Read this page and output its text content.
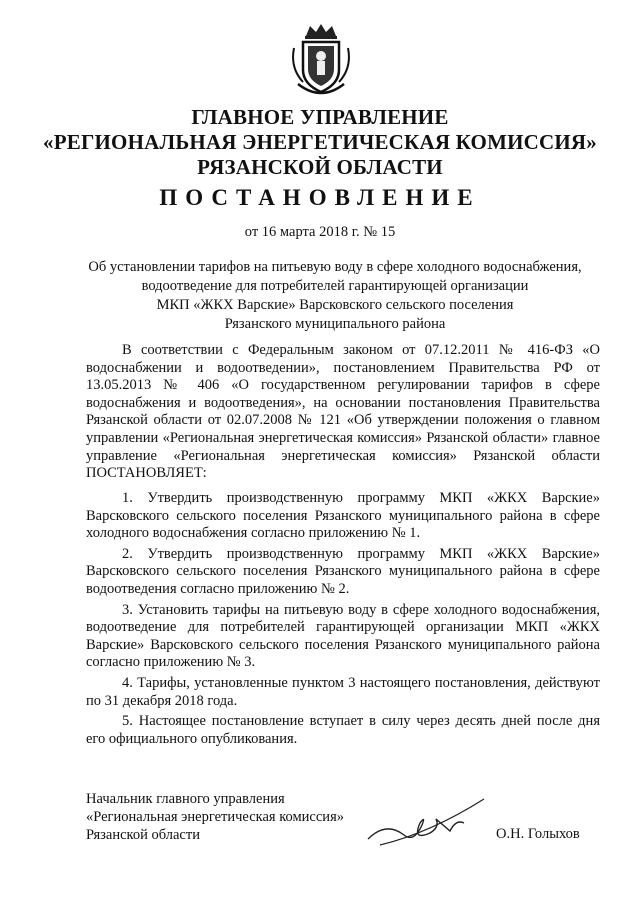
ГЛАВНОЕ УПРАВЛЕНИЕ
«РЕГИОНАЛЬНАЯ ЭНЕРГЕТИЧЕСКАЯ КОМИССИЯ»
РЯЗАНСКОЙ ОБЛАСТИ
ПОСТАНОВЛЕНИЕ
от 16 марта 2018 г. № 15
Об установлении тарифов на питьевую воду в сфере холодного водоснабжения,
водоотведение для потребителей гарантирующей организации
МКП «ЖКХ Варские» Варсковского сельского поселения
Рязанского муниципального района

В соответствии с Федеральным законом от 07.12.2011 № 416-ФЗ «О водоснабжении и водоотведении», постановлением Правительства РФ от 13.05.2013 № 406 «О государственном регулировании тарифов в сфере водоснабжения и водоотведения», на основании постановления Правительства Рязанской области от 02.07.2008 № 121 «Об утверждении положения о главном управлении «Региональная энергетическая комиссия» Рязанской области» главное управление «Региональная энергетическая комиссия» Рязанской области ПОСТАНОВЛЯЕТ:

1. Утвердить производственную программу МКП «ЖКХ Варские» Варсковского сельского поселения Рязанского муниципального района в сфере холодного водоснабжения согласно приложению № 1.

2. Утвердить производственную программу МКП «ЖКХ Варские» Варсковского сельского поселения Рязанского муниципального района в сфере водоотведения согласно приложению № 2.

3. Установить тарифы на питьевую воду в сфере холодного водоснабжения, водоотведение для потребителей гарантирующей организации МКП «ЖКХ Варские» Варсковского сельского поселения Рязанского муниципального района согласно приложению № 3.

4. Тарифы, установленные пунктом 3 настоящего постановления, действуют по 31 декабря 2018 года.

5. Настоящее постановление вступает в силу через десять дней после дня его официального опубликования.

Начальник главного управления
«Региональная энергетическая комиссия»
Рязанской области	О.Н. Голыхов
